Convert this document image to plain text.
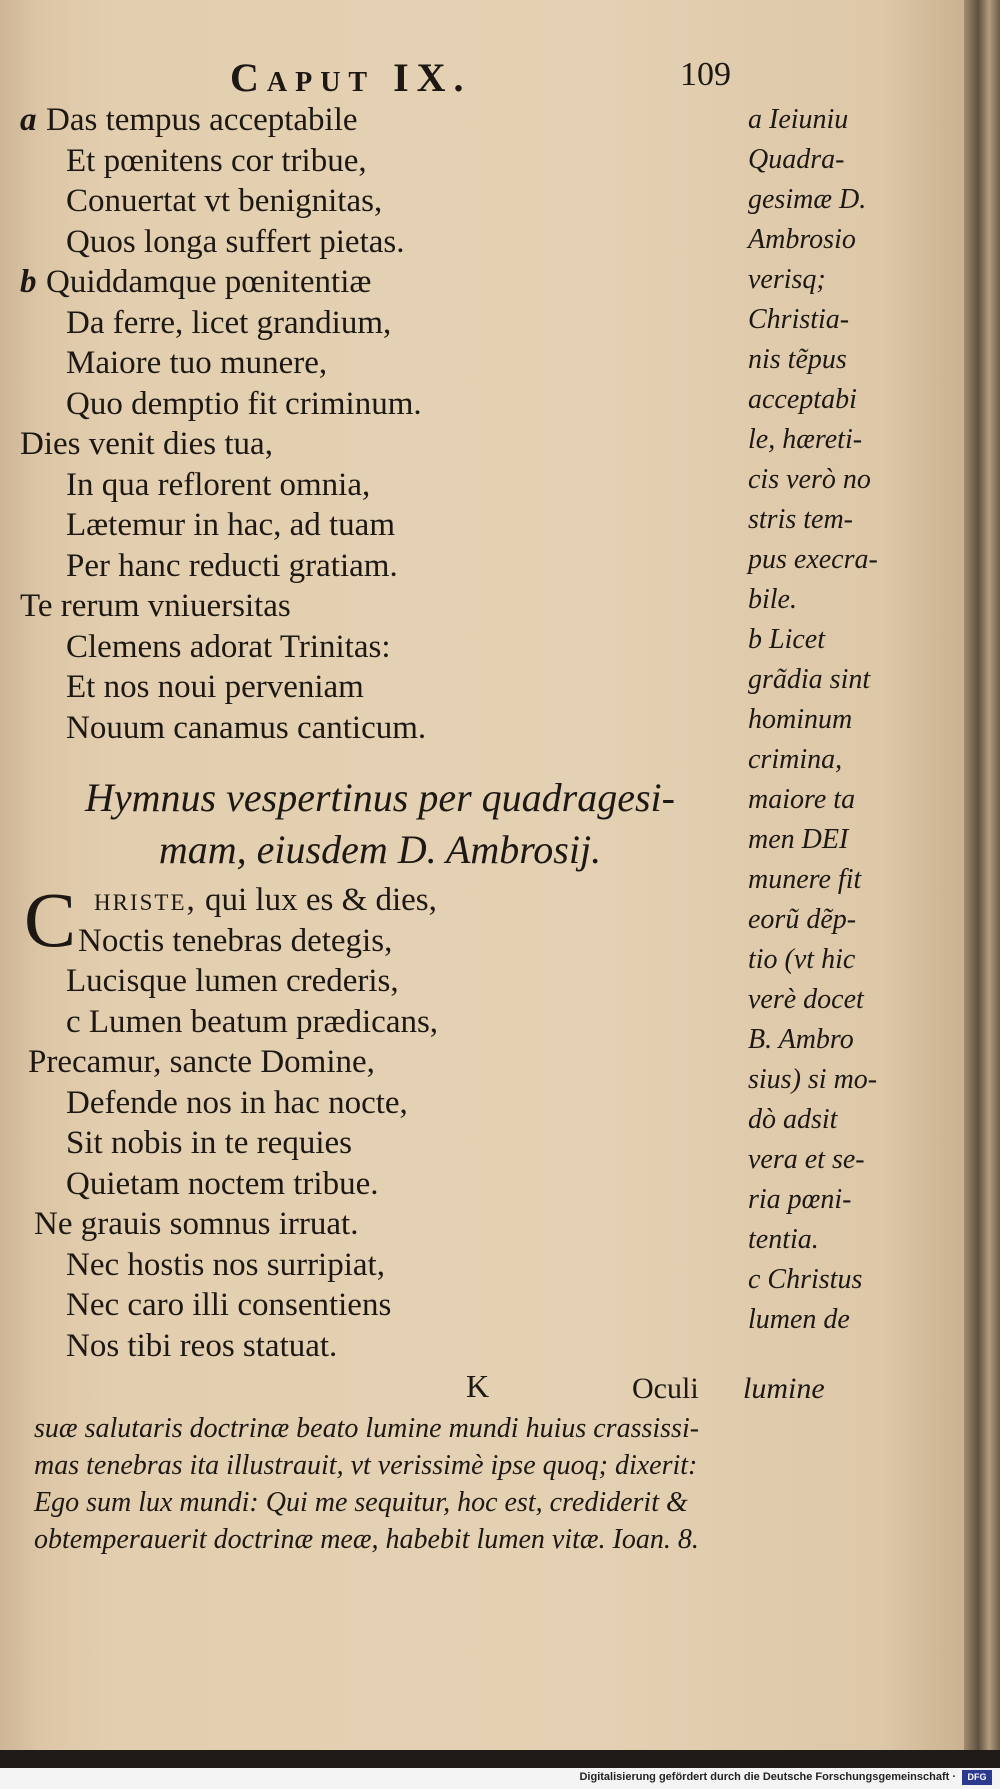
Caput IX.	109
a Das tempus acceptabile
Et pœnitens cor tribue,
Conuertat vt benignitas,
Quos longa suffert pietas.
b Quiddamque pœnitentiæ
Da ferre, licet grandium,
Maiore tuo munere,
Quo demptio fit criminum.
Dies venit dies tua,
In qua reflorent omnia,
Lætemur in hac, ad tuam
Per hanc reducti gratiam.
Te rerum vniuersitas
Clemens adorat Trinitas:
Et nos noui perveniam
Nouum canamus canticum.
Hymnus vespertinus per quadragesi-
mam, eiusdem D. Ambrosij.
C hriste, qui lux es & dies,
Noctis tenebras detegis,
Lucisque lumen crederis,
c Lumen beatum prædicans,
Precamur, sancte Domine,
Defende nos in hac nocte,
Sit nobis in te requies
Quietam noctem tribue.
Ne grauis somnus irruat.
Nec hostis nos surripiat,
Nec caro illi consentiens
Nos tibi reos statuat.
a Ieiuniu
Quadra-
gesimæ D.
Ambrosio
verisq;
Christia-
nis tẽpus
acceptabi
le, hæreti-
cis verò no
stris tem-
pus execra-
bile.
b Licet
grãdia sint
hominum
crimina,
maiore ta
men DEI
munere fit
eorũ dẽp-
tio (vt hic
verè docet
B. Ambro
sius) si mo-
dò adsit
vera et se-
ria pœni-
tentia.
c Christus
lumen de
K	Oculi lumine
suæ salutaris doctrinæ beato lumine mundi huius crassissi-
mas tenebras ita illustrauit, vt verissimè ipse quoq; dixerit:
Ego sum lux mundi: Qui me sequitur, hoc est, crediderit &
obtemperauerit doctrinæ meæ, habebit lumen vitæ. Ioan. 8.
Digitalisierung gefördert durch die Deutsche Forschungsgemeinschaft ·	DFG
